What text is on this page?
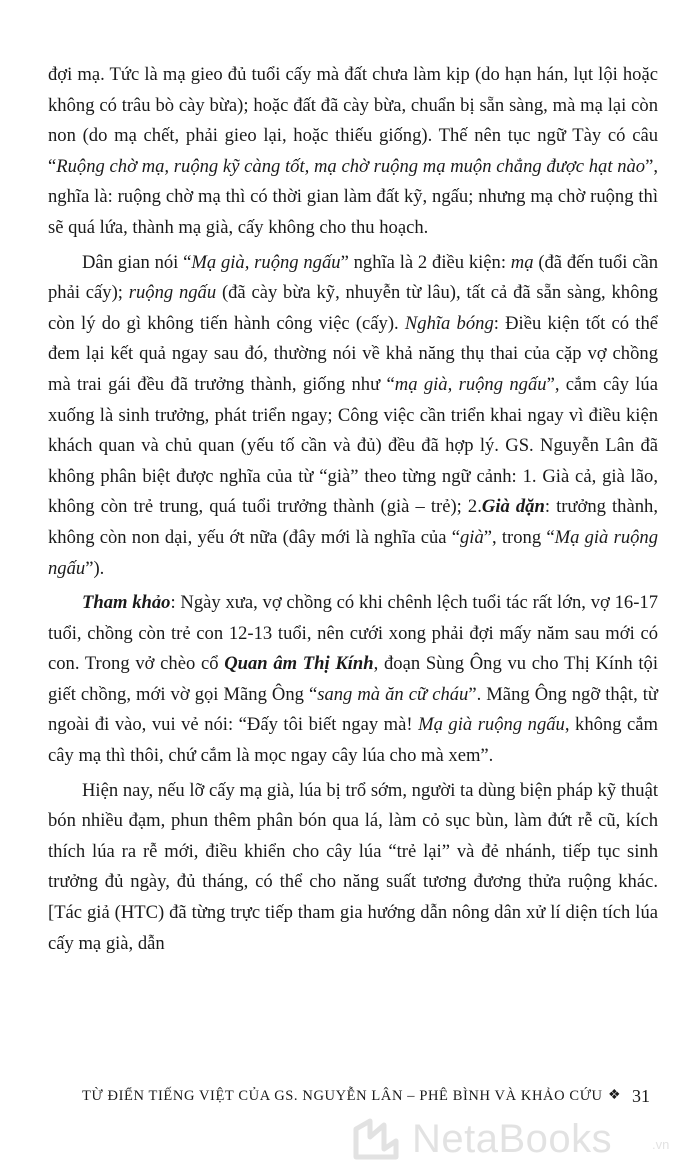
đợi mạ. Tức là mạ gieo đủ tuổi cấy mà đất chưa làm kịp (do hạn hán, lụt lội hoặc không có trâu bò cày bừa); hoặc đất đã cày bừa, chuẩn bị sẵn sàng, mà mạ lại còn non (do mạ chết, phải gieo lại, hoặc thiếu giống). Thế nên tục ngữ Tày có câu “Ruộng chờ mạ, ruộng kỹ càng tốt, mạ chờ ruộng mạ muộn chẳng được hạt nào”, nghĩa là: ruộng chờ mạ thì có thời gian làm đất kỹ, ngấu; nhưng mạ chờ ruộng thì sẽ quá lứa, thành mạ già, cấy không cho thu hoạch.

Dân gian nói “Mạ già, ruộng ngấu” nghĩa là 2 điều kiện: mạ (đã đến tuổi cần phải cấy); ruộng ngấu (đã cày bừa kỹ, nhuyễn từ lâu), tất cả đã sẵn sàng, không còn lý do gì không tiến hành công việc (cấy). Nghĩa bóng: Điều kiện tốt có thể đem lại kết quả ngay sau đó, thường nói về khả năng thụ thai của cặp vợ chồng mà trai gái đều đã trưởng thành, giống như “mạ già, ruộng ngấu”, cắm cây lúa xuống là sinh trưởng, phát triển ngay; Công việc cần triển khai ngay vì điều kiện khách quan và chủ quan (yếu tố cần và đủ) đều đã hợp lý. GS. Nguyễn Lân đã không phân biệt được nghĩa của từ “già” theo từng ngữ cảnh: 1. Già cả, già lão, không còn trẻ trung, quá tuổi trưởng thành (già – trẻ); 2.Già dặn: trưởng thành, không còn non dại, yếu ớt nữa (đây mới là nghĩa của “già”, trong “Mạ già ruộng ngấu”).

Tham khảo: Ngày xưa, vợ chồng có khi chênh lệch tuổi tác rất lớn, vợ 16-17 tuổi, chồng còn trẻ con 12-13 tuổi, nên cưới xong phải đợi mấy năm sau mới có con. Trong vở chèo cổ Quan âm Thị Kính, đoạn Sùng Ông vu cho Thị Kính tội giết chồng, mới vờ gọi Mãng Ông “sang mà ăn cữ cháu”. Mãng Ông ngỡ thật, từ ngoài đi vào, vui vẻ nói: “Đấy tôi biết ngay mà! Mạ già ruộng ngấu, không cắm cây mạ thì thôi, chứ cắm là mọc ngay cây lúa cho mà xem”.

Hiện nay, nếu lỡ cấy mạ già, lúa bị trổ sớm, người ta dùng biện pháp kỹ thuật bón nhiều đạm, phun thêm phân bón qua lá, làm cỏ sục bùn, làm đứt rễ cũ, kích thích lúa ra rễ mới, điều khiển cho cây lúa “trẻ lại” và đẻ nhánh, tiếp tục sinh trưởng đủ ngày, đủ tháng, có thể cho năng suất tương đương thửa ruộng khác. [Tác giả (HTC) đã từng trực tiếp tham gia hướng dẫn nông dân xử lí diện tích lúa cấy mạ già, dẫn

TỪ ĐIỂN TIẾNG VIỆT CỦA GS. NGUYỄN LÂN – PHÊ BÌNH VÀ KHẢO CỨU ❖ 31
NetaBooks	.vn
